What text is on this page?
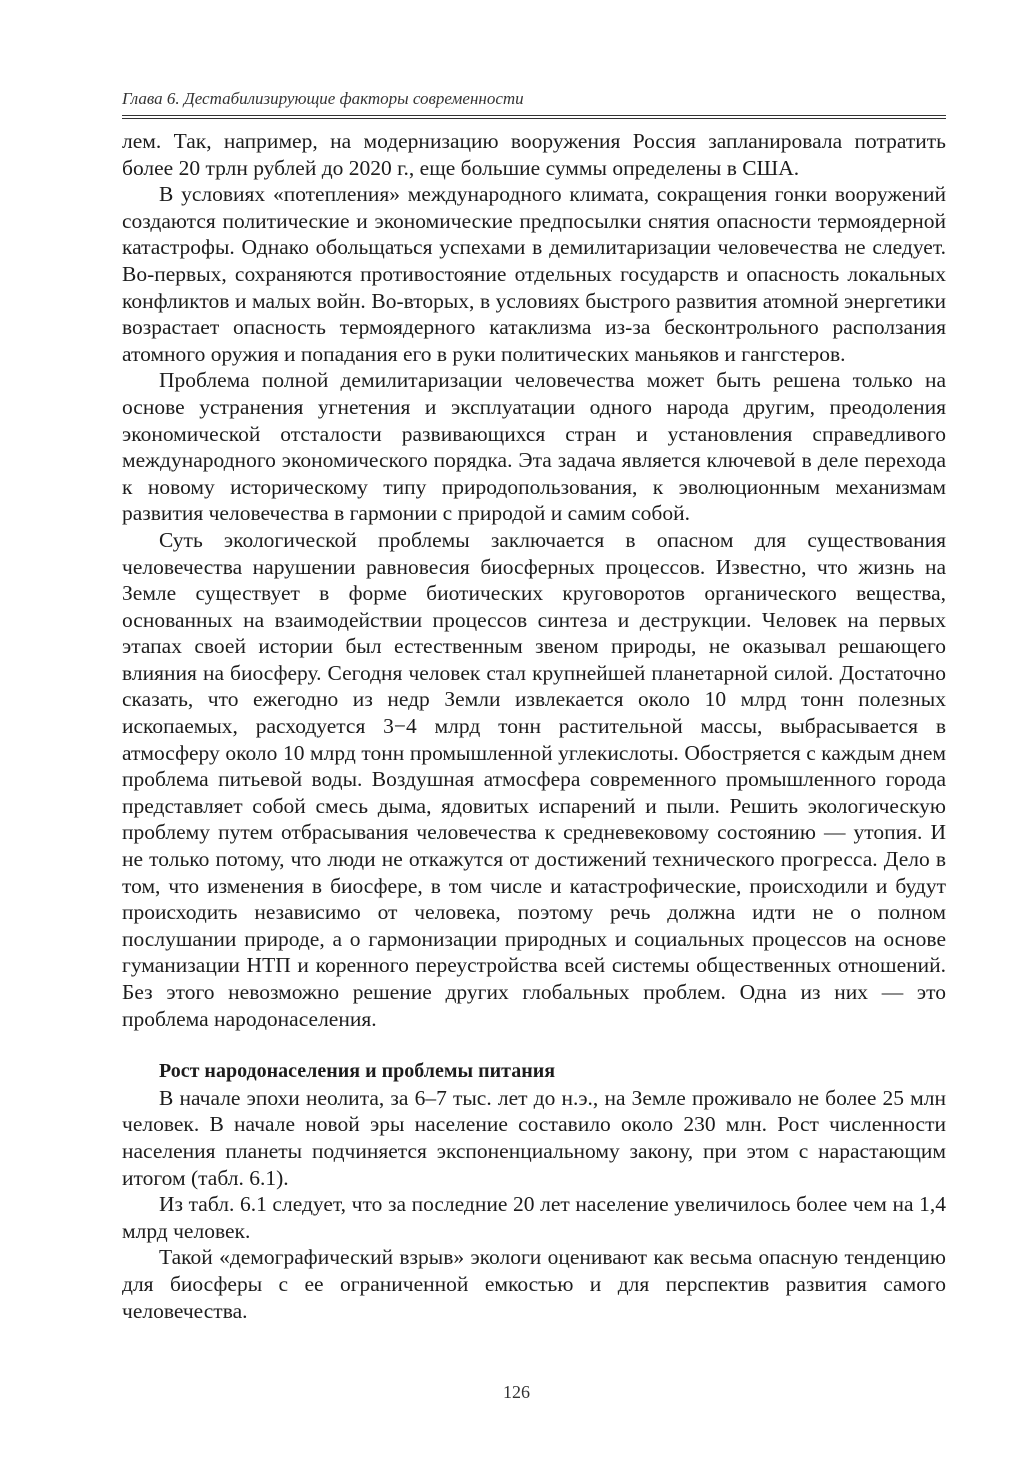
Глава 6. Дестабилизирующие факторы современности

лем. Так, например, на модернизацию вооружения Россия запланировала потратить более 20 трлн рублей до 2020 г., еще большие суммы определены в США.

В условиях «потепления» международного климата, сокращения гонки вооружений создаются политические и экономические предпосылки снятия опасности термоядерной катастрофы. Однако обольщаться успехами в демилитаризации человечества не следует. Во-первых, сохраняются противостояние отдельных государств и опасность локальных конфликтов и малых войн. Во-вторых, в условиях быстрого развития атомной энергетики возрастает опасность термоядерного катаклизма из-за бесконтрольного расползания атомного оружия и попадания его в руки политических маньяков и гангстеров.

Проблема полной демилитаризации человечества может быть решена только на основе устранения угнетения и эксплуатации одного народа другим, преодоления экономической отсталости развивающихся стран и установления справедливого международного экономического порядка. Эта задача является ключевой в деле перехода к новому историческому типу природопользования, к эволюционным механизмам развития человечества в гармонии с природой и самим собой.

Суть экологической проблемы заключается в опасном для существования человечества нарушении равновесия биосферных процессов. Известно, что жизнь на Земле существует в форме биотических круговоротов органического вещества, основанных на взаимодействии процессов синтеза и деструкции. Человек на первых этапах своей истории был естественным звеном природы, не оказывал решающего влияния на биосферу. Сегодня человек стал крупнейшей планетарной силой. Достаточно сказать, что ежегодно из недр Земли извлекается около 10 млрд тонн полезных ископаемых, расходуется 3−4 млрд тонн растительной массы, выбрасывается в атмосферу около 10 млрд тонн промышленной углекислоты. Обостряется с каждым днем проблема питьевой воды. Воздушная атмосфера современного промышленного города представляет собой смесь дыма, ядовитых испарений и пыли. Решить экологическую проблему путем отбрасывания человечества к средневековому состоянию — утопия. И не только потому, что люди не откажутся от достижений технического прогресса. Дело в том, что изменения в биосфере, в том числе и катастрофические, происходили и будут происходить независимо от человека, поэтому речь должна идти не о полном послушании природе, а о гармонизации природных и социальных процессов на основе гуманизации НТП и коренного переустройства всей системы общественных отношений. Без этого невозможно решение других глобальных проблем. Одна из них — это проблема народонаселения.

Рост народонаселения и проблемы питания

В начале эпохи неолита, за 6–7 тыс. лет до н.э., на Земле проживало не более 25 млн человек. В начале новой эры население составило около 230 млн. Рост численности населения планеты подчиняется экспоненциальному закону, при этом с нарастающим итогом (табл. 6.1).

Из табл. 6.1 следует, что за последние 20 лет население увеличилось более чем на 1,4 млрд человек.

Такой «демографический взрыв» экологи оценивают как весьма опасную тенденцию для биосферы с ее ограниченной емкостью и для перспектив развития самого человечества.

126
